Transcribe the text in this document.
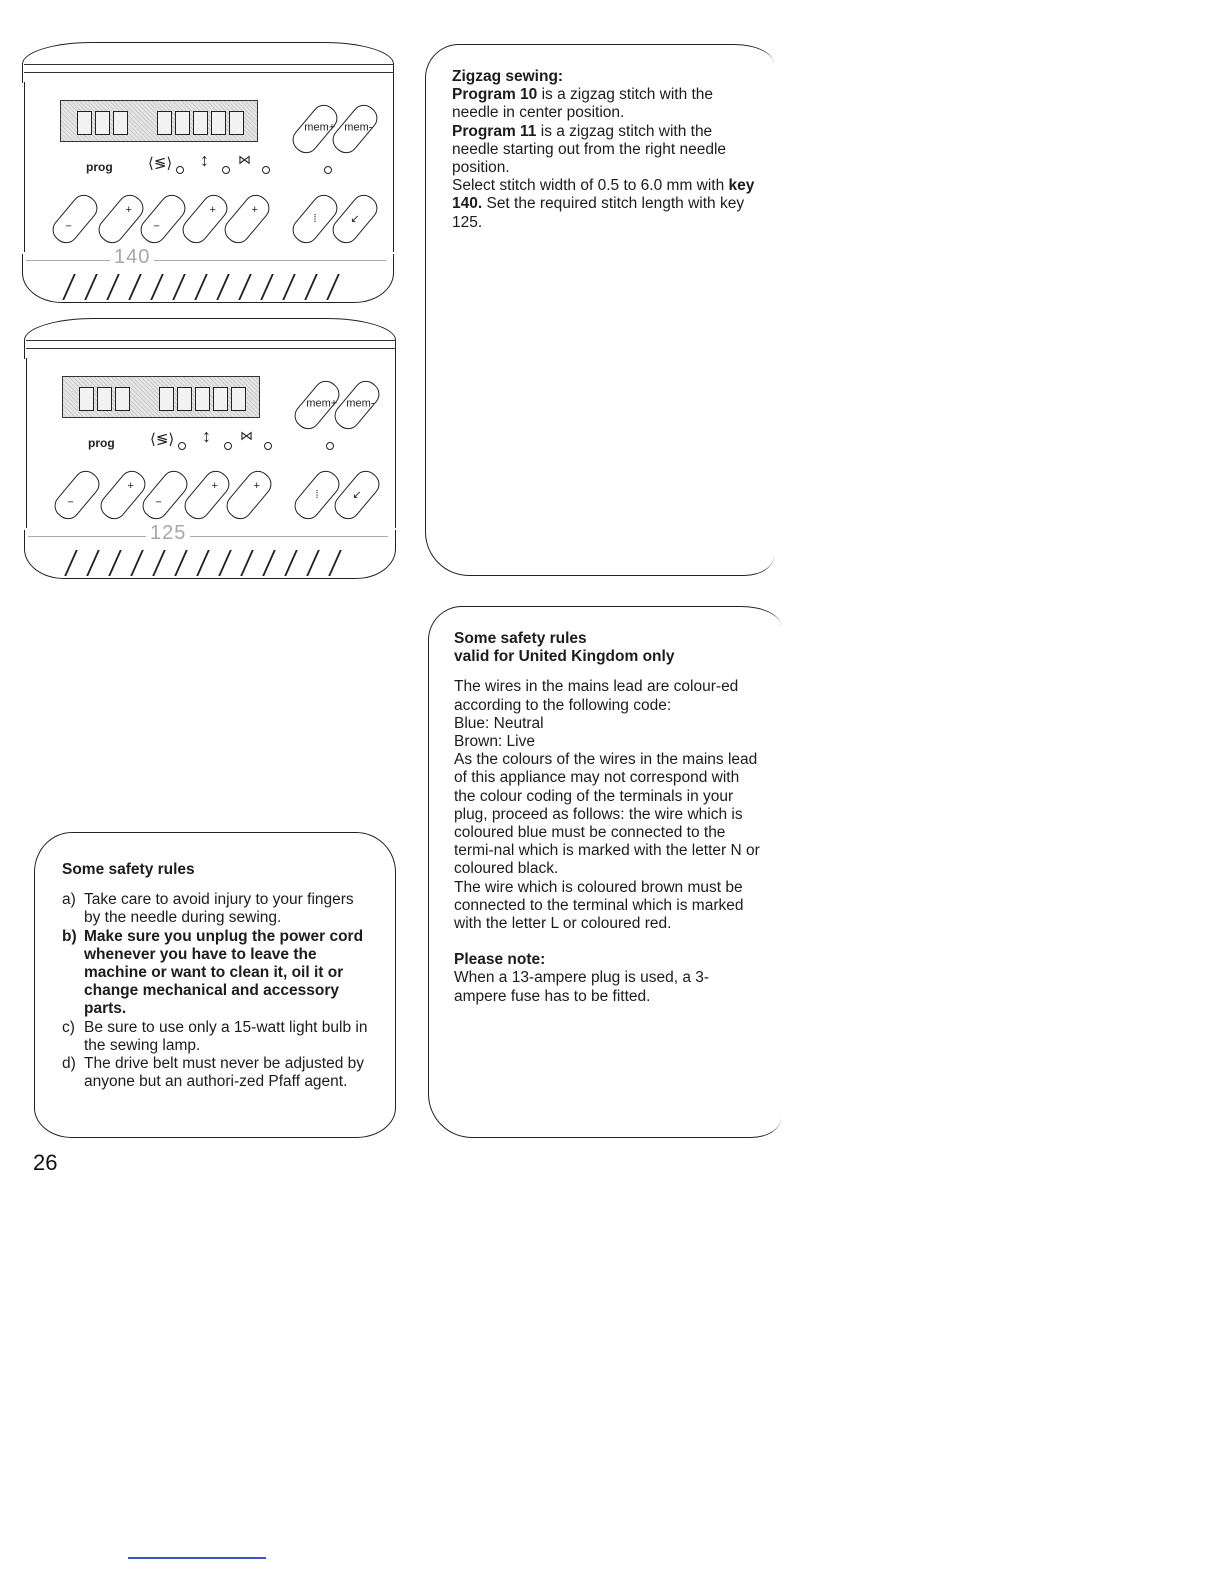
mem+ mem-
prog ⟨≶⟩ ↕ ⋈
−
+
−
+	+
⁞	↙
140
mem+ mem-
prog ⟨≶⟩ ↕ ⋈
−
+
−
+	+
⁞	↙
125
Zigzag sewing:
Program 10 is a zigzag stitch with the needle in center position.
Program 11 is a zigzag stitch with the needle starting out from the right needle position.
Select stitch width of 0.5 to 6.0 mm with key 140. Set the required stitch length with key 125.
Some safety rules
valid for United Kingdom only
The wires in the mains lead are colour-ed according to the following code:
Blue: Neutral
Brown: Live
As the colours of the wires in the mains lead of this appliance may not correspond with the colour coding of the terminals in your plug, proceed as follows: the wire which is coloured blue must be connected to the termi-nal which is marked with the letter N or coloured black.
The wire which is coloured brown must be connected to the terminal which is marked with the letter L or coloured red.
Please note:
When a 13-ampere plug is used, a 3-ampere fuse has to be fitted.
Some safety rules
a) Take care to avoid injury to your fingers by the needle during sewing.
b) Make sure you unplug the power cord whenever you have to leave the machine or want to clean it, oil it or change mechanical and accessory parts.
c) Be sure to use only a 15-watt light bulb in the sewing lamp.
d) The drive belt must never be adjusted by anyone but an authori-zed Pfaff agent.
26
